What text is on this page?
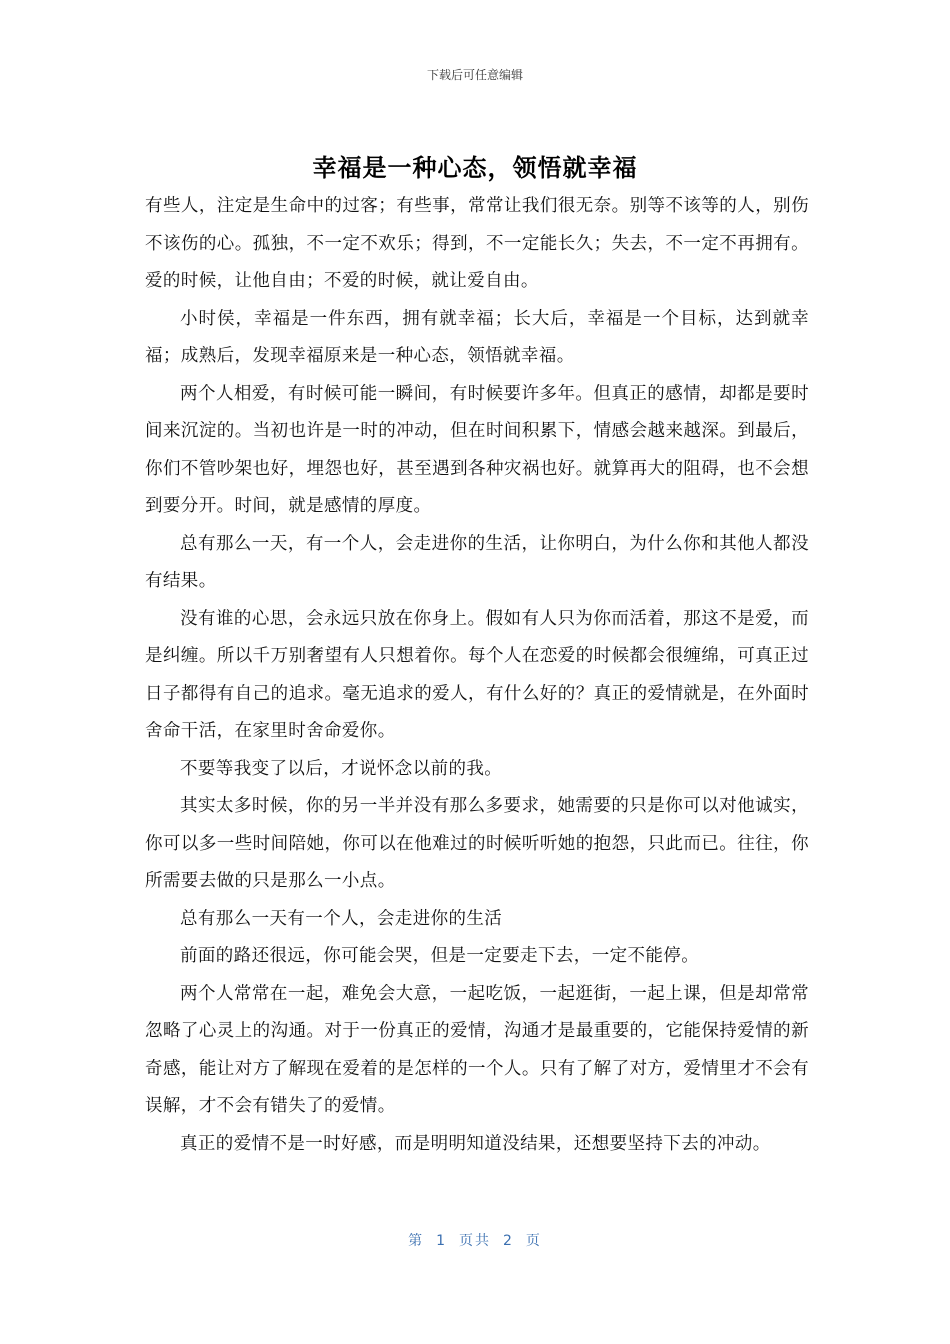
下载后可任意编辑
幸福是一种心态，领悟就幸福

有些人，注定是生命中的过客；有些事，常常让我们很无奈。别等不该等的人，别伤不该伤的心。孤独，不一定不欢乐；得到，不一定能长久；失去，不一定不再拥有。爱的时候，让他自由；不爱的时候，就让爱自由。

小时侯，幸福是一件东西，拥有就幸福；长大后，幸福是一个目标，达到就幸福；成熟后，发现幸福原来是一种心态，领悟就幸福。

两个人相爱，有时候可能一瞬间，有时候要许多年。但真正的感情，却都是要时间来沉淀的。当初也许是一时的冲动，但在时间积累下，情感会越来越深。到最后，你们不管吵架也好，埋怨也好，甚至遇到各种灾祸也好。就算再大的阻碍，也不会想到要分开。时间，就是感情的厚度。

总有那么一天，有一个人，会走进你的生活，让你明白，为什么你和其他人都没有结果。

没有谁的心思，会永远只放在你身上。假如有人只为你而活着，那这不是爱，而是纠缠。所以千万别奢望有人只想着你。每个人在恋爱的时候都会很缠绵，可真正过日子都得有自己的追求。毫无追求的爱人，有什么好的？真正的爱情就是，在外面时舍命干活，在家里时舍命爱你。

不要等我变了以后，才说怀念以前的我。

其实太多时候，你的另一半并没有那么多要求，她需要的只是你可以对他诚实，你可以多一些时间陪她，你可以在他难过的时候听听她的抱怨，只此而已。往往，你所需要去做的只是那么一小点。

总有那么一天有一个人，会走进你的生活

前面的路还很远，你可能会哭，但是一定要走下去，一定不能停。

两个人常常在一起，难免会大意，一起吃饭，一起逛街，一起上课，但是却常常忽略了心灵上的沟通。对于一份真正的爱情，沟通才是最重要的，它能保持爱情的新奇感，能让对方了解现在爱着的是怎样的一个人。只有了解了对方，爱情里才不会有误解，才不会有错失了的爱情。

真正的爱情不是一时好感，而是明明知道没结果，还想要坚持下去的冲动。

第 1 页共 2 页
